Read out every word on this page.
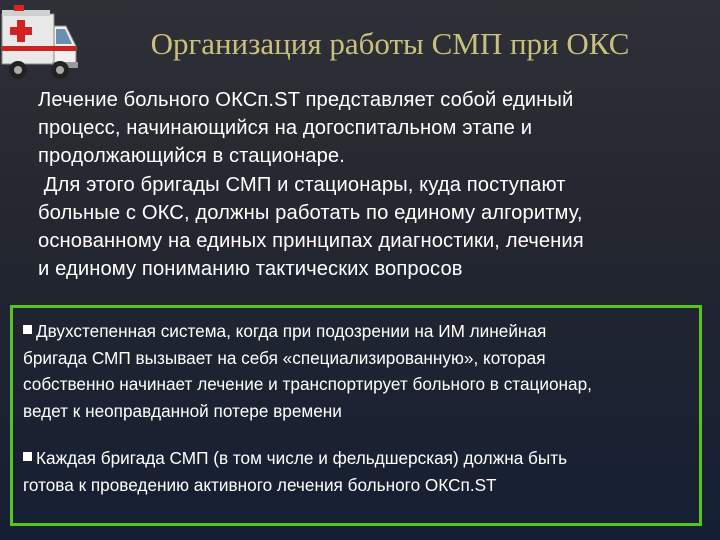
Организация работы СМП при ОКС

Лечение больного ОКСп.ST представляет собой единый
процесс, начинающийся на догоспитальном этапе и
продолжающийся в стационаре.
Для этого бригады СМП и стационары, куда поступают
больные с ОКС, должны работать по единому алгоритму,
основанному на единых принципах диагностики, лечения
и единому пониманию тактических вопросов

Двухстепенная система, когда при подозрении на ИМ линейная
бригада СМП вызывает на себя «специализированную», которая
собственно начинает лечение и транспортирует больного в стационар,
ведет к неоправданной потере времени

Каждая бригада СМП (в том числе и фельдшерская) должна быть
готова к проведению активного лечения больного ОКСп.ST
